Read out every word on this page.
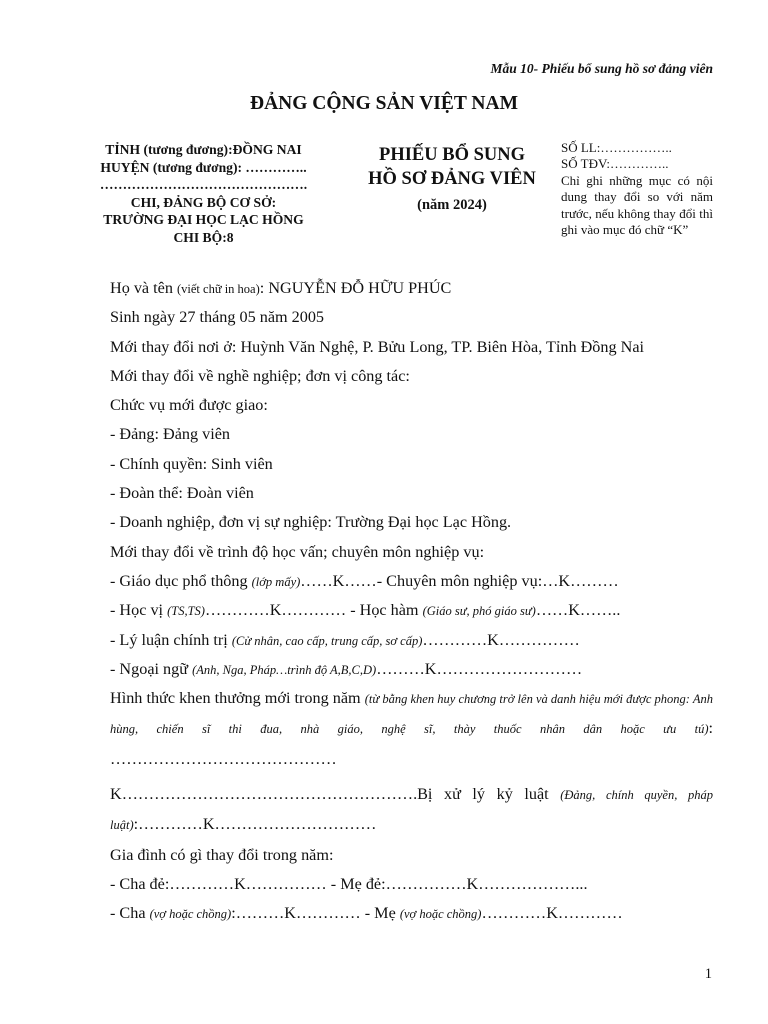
Mẫu 10- Phiếu bổ sung hồ sơ đảng viên
ĐẢNG CỘNG SẢN VIỆT NAM
TỈNH (tương đương):ĐỒNG NAI
HUYỆN (tương đương): …………..
……………………………………….
CHI, ĐẢNG BỘ CƠ SỞ:
TRƯỜNG ĐẠI HỌC LẠC HỒNG
CHI BỘ:8
PHIẾU BỔ SUNG
HỒ SƠ ĐẢNG VIÊN
(năm 2024)
SỐ LL:……………..
SỐ TĐV:…………..
Chỉ ghi những mục có nội dung thay đổi so với năm trước, nếu không thay đổi thì ghi vào mục đó chữ “K”
Họ và tên (viết chữ in hoa): NGUYỄN ĐỖ HỮU PHÚC
Sinh ngày 27 tháng 05 năm 2005
Mới thay đổi nơi ở: Huỳnh Văn Nghệ, P. Bửu Long, TP. Biên Hòa, Tỉnh Đồng Nai
Mới thay đổi về nghề nghiệp; đơn vị công tác:
Chức vụ mới được giao:
- Đảng: Đảng viên
- Chính quyền: Sinh viên
- Đoàn thể: Đoàn viên
- Doanh nghiệp, đơn vị sự nghiệp: Trường Đại học Lạc Hồng.
Mới thay đổi về trình độ học vấn; chuyên môn nghiệp vụ:
- Giáo dục phổ thông (lớp mấy)……K……- Chuyên môn nghiệp vụ:…K………
- Học vị (TS,TS)…………K………… - Học hàm (Giáo sư, phó giáo sư)……K……..
- Lý luận chính trị (Cử nhân, cao cấp, trung cấp, sơ cấp)…………K……………
- Ngoại ngữ (Anh, Nga, Pháp…trình độ A,B,C,D)………K………………………
Hình thức khen thưởng mới trong năm (từ bằng khen huy chương trở lên và danh hiệu mới được phong: Anh hùng, chiến sĩ thi đua, nhà giáo, nghệ sĩ, thày thuốc nhân dân hoặc ưu tú): ……………………………………
K……………………………………………….Bị xử lý kỷ luật (Đảng, chính quyền, pháp luật):…………K…………………………
Gia đình có gì thay đổi trong năm:
- Cha đẻ:…………K…………… - Mẹ đẻ:……………K………………...
- Cha (vợ hoặc chồng):………K………… - Mẹ (vợ hoặc chồng)…………K…………
1
